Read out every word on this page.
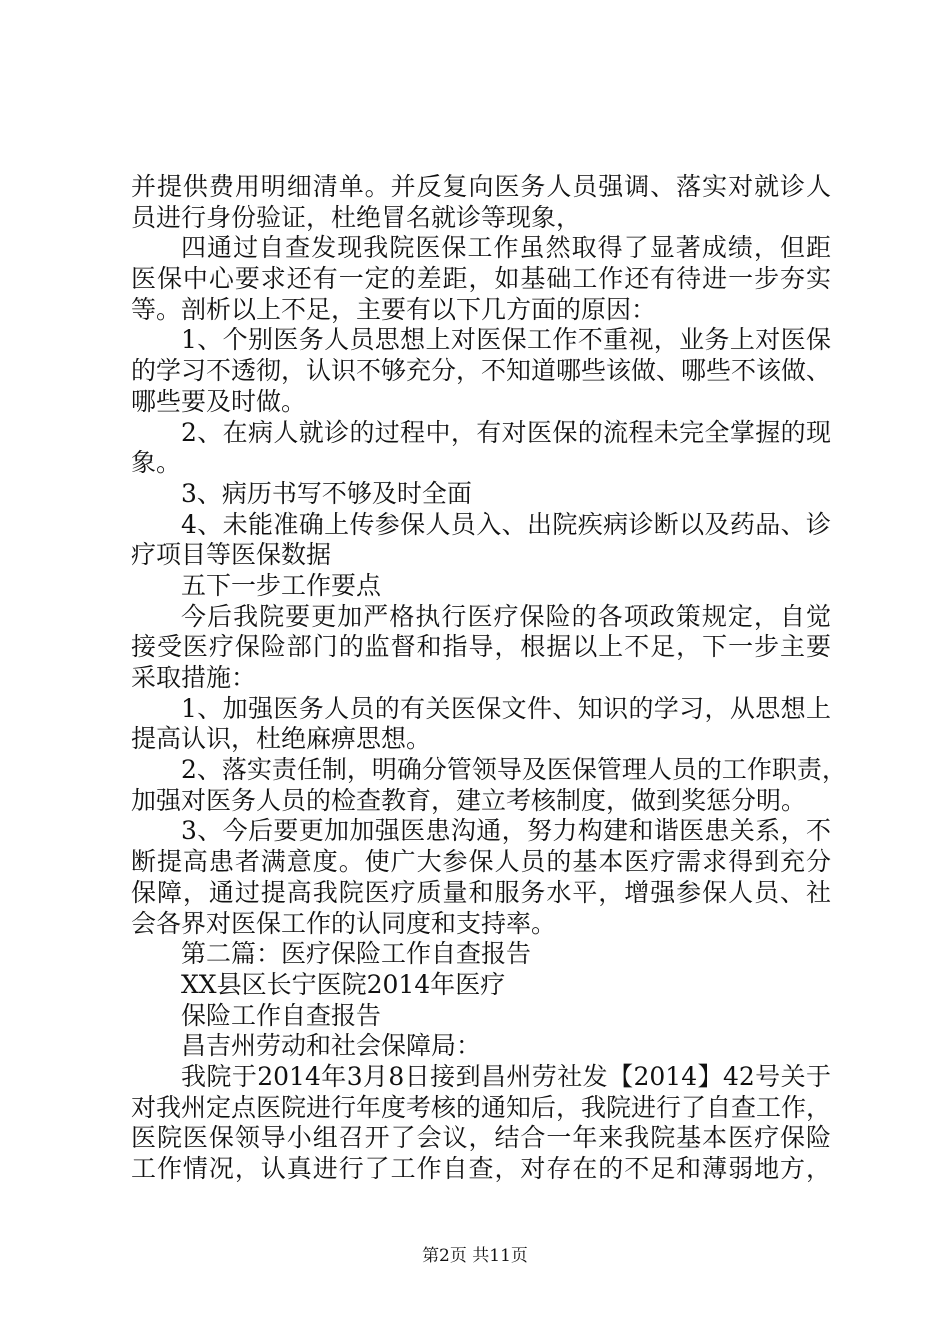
并提供费用明细清单。并反复向医务人员强调、落实对就诊人
员进行身份验证，杜绝冒名就诊等现象，
四通过自查发现我院医保工作虽然取得了显著成绩，但距
医保中心要求还有一定的差距，如基础工作还有待进一步夯实
等。剖析以上不足，主要有以下几方面的原因：
1、个别医务人员思想上对医保工作不重视，业务上对医保
的学习不透彻，认识不够充分，不知道哪些该做、哪些不该做、
哪些要及时做。
2、在病人就诊的过程中，有对医保的流程未完全掌握的现
象。
3、病历书写不够及时全面
4、未能准确上传参保人员入、出院疾病诊断以及药品、诊
疗项目等医保数据
五下一步工作要点
今后我院要更加严格执行医疗保险的各项政策规定，自觉
接受医疗保险部门的监督和指导，根据以上不足，下一步主要
采取措施：
1、加强医务人员的有关医保文件、知识的学习，从思想上
提高认识，杜绝麻痹思想。
2、落实责任制，明确分管领导及医保管理人员的工作职责，
加强对医务人员的检查教育，建立考核制度，做到奖惩分明。
3、今后要更加加强医患沟通，努力构建和谐医患关系，不
断提高患者满意度。使广大参保人员的基本医疗需求得到充分
保障，通过提高我院医疗质量和服务水平，增强参保人员、社
会各界对医保工作的认同度和支持率。
第二篇：医疗保险工作自查报告
XX县区长宁医院2014年医疗
保险工作自查报告
昌吉州劳动和社会保障局：
我院于2014年3月8日接到昌州劳社发【2014】42号关于
对我州定点医院进行年度考核的通知后，我院进行了自查工作，
医院医保领导小组召开了会议，结合一年来我院基本医疗保险
工作情况，认真进行了工作自查，对存在的不足和薄弱地方，
第2页 共11页
